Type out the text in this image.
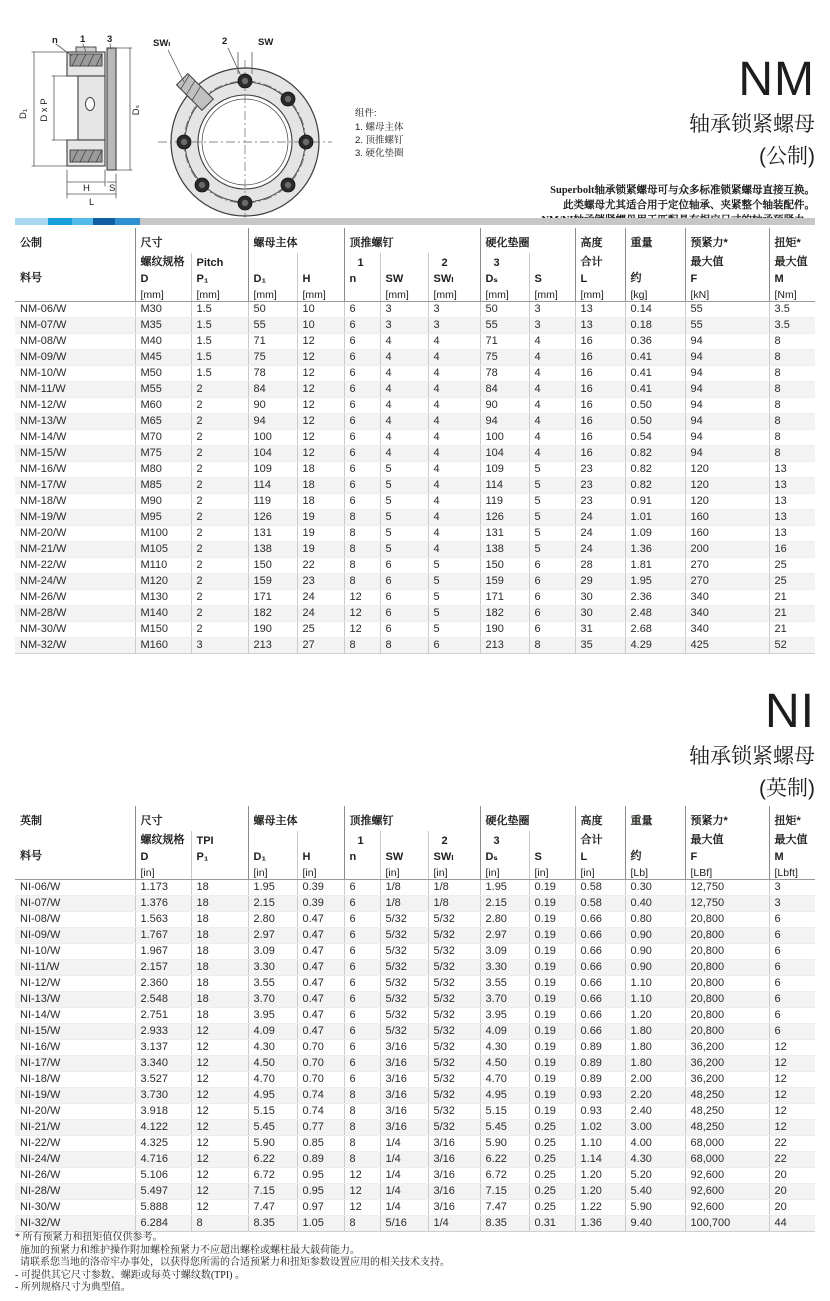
D₁ D x P	Dₛ
n 1 3
H S
L
SWₗ	2	SW
组件:
1. 螺母主体
2. 顶推螺钉
3. 硬化垫圈
NM
轴承锁紧螺母
(公制)
Superbolt轴承锁紧螺母可与众多标准锁紧螺母直接互换。
此类螺母尤其适合用于定位轴承、夹紧整个轴装配件。
公制	尺寸		螺母主体		顶推螺钉			硬化垫圈		高度	重量	预紧力*	扭矩*
	螺纹规格	Pitch			1		2	3		合计		最大值	最大值
料号	D	P₁	D₁	H	n	SW	SWₗ	Dₛ	S	L	约	F	M
	[mm]	[mm]	[mm]	[mm]		[mm]	[mm]	[mm]	[mm]	[mm]	[kg]	[kN]	[Nm]
NM-06/W	M30	1.5	50	10	6	3	3	50	3	13	0.14	55	3.5
NM-07/W	M35	1.5	55	10	6	3	3	55	3	13	0.18	55	3.5
NM-08/W	M40	1.5	71	12	6	4	4	71	4	16	0.36	94	8
NM-09/W	M45	1.5	75	12	6	4	4	75	4	16	0.41	94	8
NM-10/W	M50	1.5	78	12	6	4	4	78	4	16	0.41	94	8
NM-11/W	M55	2	84	12	6	4	4	84	4	16	0.41	94	8
NM-12/W	M60	2	90	12	6	4	4	90	4	16	0.50	94	8
NM-13/W	M65	2	94	12	6	4	4	94	4	16	0.50	94	8
NM-14/W	M70	2	100	12	6	4	4	100	4	16	0.54	94	8
NM-15/W	M75	2	104	12	6	4	4	104	4	16	0.82	94	8
NM-16/W	M80	2	109	18	6	5	4	109	5	23	0.82	120	13
NM-17/W	M85	2	114	18	6	5	4	114	5	23	0.82	120	13
NM-18/W	M90	2	119	18	6	5	4	119	5	23	0.91	120	13
NM-19/W	M95	2	126	19	8	5	4	126	5	24	1.01	160	13
NM-20/W	M100	2	131	19	8	5	4	131	5	24	1.09	160	13
NM-21/W	M105	2	138	19	8	5	4	138	5	24	1.36	200	16
NM-22/W	M110	2	150	22	8	6	5	150	6	28	1.81	270	25
NM-24/W	M120	2	159	23	8	6	5	159	6	29	1.95	270	25
NM-26/W	M130	2	171	24	12	6	5	171	6	30	2.36	340	21
NM-28/W	M140	2	182	24	12	6	5	182	6	30	2.48	340	21
NM-30/W	M150	2	190	25	12	6	5	190	6	31	2.68	340	21
NM-32/W	M160	3	213	27	8	8	6	213	8	35	4.29	425	52
NI
轴承锁紧螺母
(英制)
英制	尺寸		螺母主体		顶推螺钉			硬化垫圈		高度	重量	预紧力*	扭矩*
	螺纹规格	TPI			1		2	3		合计		最大值	最大值
料号	D	P₁	D₁	H	n	SW	SWₗ	Dₛ	S	L	约	F	M
	[in]		[in]	[in]		[in]	[in]	[in]	[in]	[in]	[Lb]	[LBf]	[Lbft]
NI-06/W	1.173	18	1.95	0.39	6	1/8	1/8	1.95	0.19	0.58	0.30	12,750	3
NI-07/W	1.376	18	2.15	0.39	6	1/8	1/8	2.15	0.19	0.58	0.40	12,750	3
NI-08/W	1.563	18	2.80	0.47	6	5/32	5/32	2.80	0.19	0.66	0.80	20,800	6
NI-09/W	1.767	18	2.97	0.47	6	5/32	5/32	2.97	0.19	0.66	0.90	20,800	6
NI-10/W	1.967	18	3.09	0.47	6	5/32	5/32	3.09	0.19	0.66	0.90	20,800	6
NI-11/W	2.157	18	3.30	0.47	6	5/32	5/32	3.30	0.19	0.66	0.90	20,800	6
NI-12/W	2.360	18	3.55	0.47	6	5/32	5/32	3.55	0.19	0.66	1.10	20,800	6
NI-13/W	2.548	18	3.70	0.47	6	5/32	5/32	3.70	0.19	0.66	1.10	20,800	6
NI-14/W	2.751	18	3.95	0.47	6	5/32	5/32	3.95	0.19	0.66	1.20	20,800	6
NI-15/W	2.933	12	4.09	0.47	6	5/32	5/32	4.09	0.19	0.66	1.80	20,800	6
NI-16/W	3.137	12	4.30	0.70	6	3/16	5/32	4.30	0.19	0.89	1.80	36,200	12
NI-17/W	3.340	12	4.50	0.70	6	3/16	5/32	4.50	0.19	0.89	1.80	36,200	12
NI-18/W	3.527	12	4.70	0.70	6	3/16	5/32	4.70	0.19	0.89	2.00	36,200	12
NI-19/W	3.730	12	4.95	0.74	8	3/16	5/32	4.95	0.19	0.93	2.20	48,250	12
NI-20/W	3.918	12	5.15	0.74	8	3/16	5/32	5.15	0.19	0.93	2.40	48,250	12
NI-21/W	4.122	12	5.45	0.77	8	3/16	5/32	5.45	0.25	1.02	3.00	48,250	12
NI-22/W	4.325	12	5.90	0.85	8	1/4	3/16	5.90	0.25	1.10	4.00	68,000	22
NI-24/W	4.716	12	6.22	0.89	8	1/4	3/16	6.22	0.25	1.14	4.30	68,000	22
NI-26/W	5.106	12	6.72	0.95	12	1/4	3/16	6.72	0.25	1.20	5.20	92,600	20
NI-28/W	5.497	12	7.15	0.95	12	1/4	3/16	7.15	0.25	1.20	5.40	92,600	20
NI-30/W	5.888	12	7.47	0.97	12	1/4	3/16	7.47	0.25	1.22	5.90	92,600	20
NI-32/W	6.284	8	8.35	1.05	8	5/16	1/4	8.35	0.31	1.36	9.40	100,700	44
* 所有预紧力和扭矩值仅供参考。
施加的预紧力和维护操作附加螺栓预紧力不应超出螺栓或螺柱最大载荷能力。
请联系您当地的洛帝牢办事处，以获得您所需的合适预紧力和扭矩参数设置应用的相关技术支持。
- 可提供其它尺寸参数、螺距或每英寸螺纹数(TPI) 。
- 所列规格尺寸为典型值。
